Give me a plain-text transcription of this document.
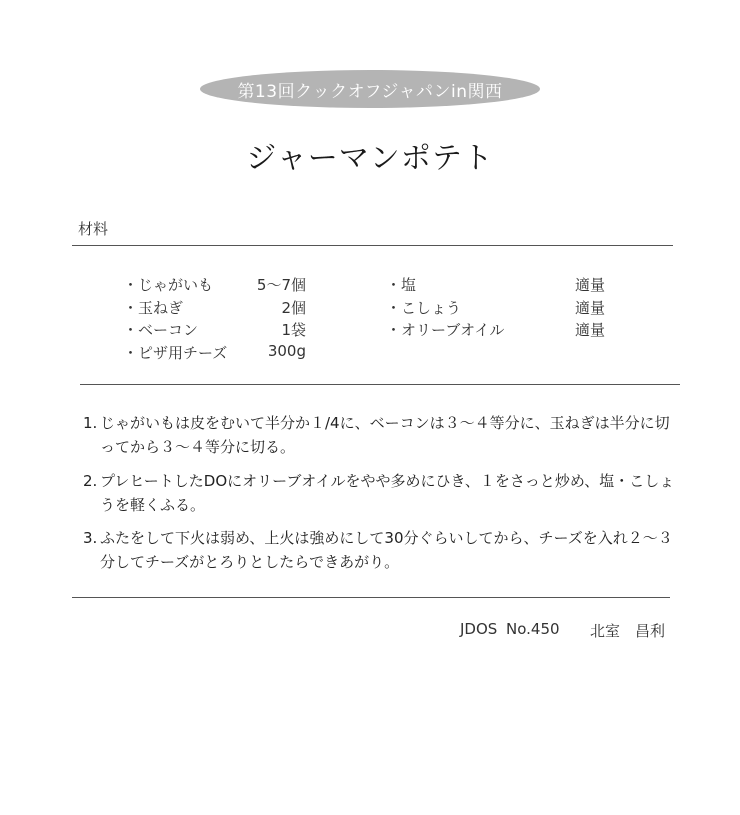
第13回クックオフジャパンin関西
ジャーマンポテト
材料
・じゃがいも	5〜7個
・玉ねぎ	2個
・ベーコン	1袋
・ピザ用チーズ	300g
・塩	適量
・こしょう	適量
・オリーブオイル	適量
1. じゃがいもは皮をむいて半分か１/4に、ベーコンは３～４等分に、玉ねぎは半分に切ってから３～４等分に切る。
2. プレヒートしたDOにオリーブオイルをやや多めにひき、１をさっと炒め、塩・こしょうを軽くふる。
3. ふたをして下火は弱め、上火は強めにして30分ぐらいしてから、チーズを入れ２～３分してチーズがとろりとしたらできあがり。
JDOS No.450 北室　昌利
